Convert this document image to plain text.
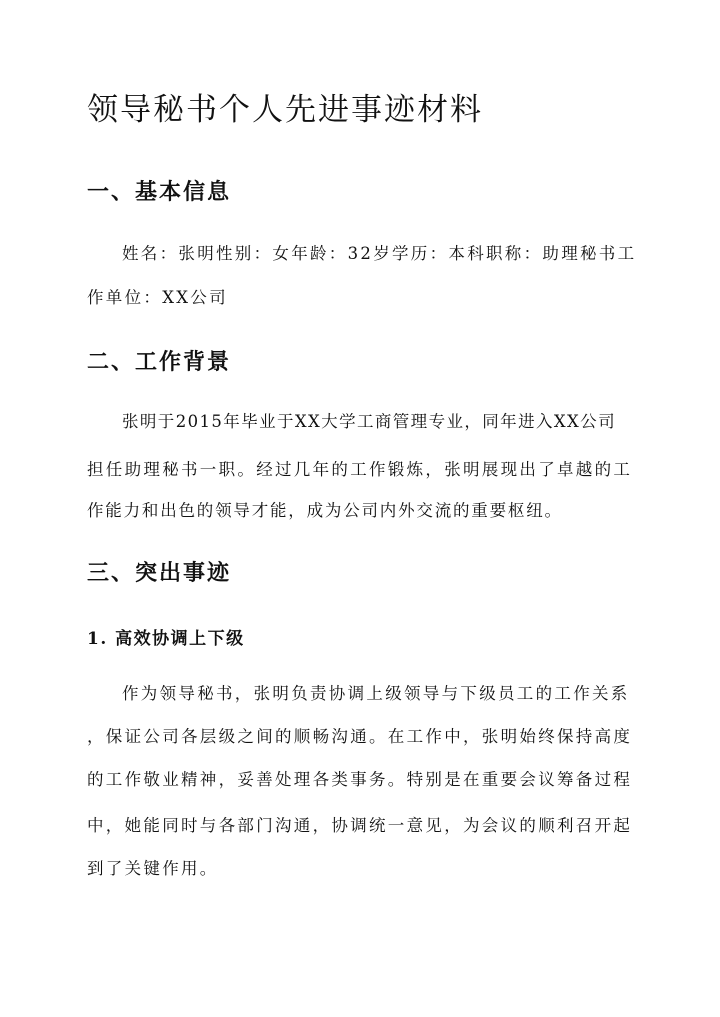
领导秘书个人先进事迹材料
一、基本信息

姓名：张明性别：女年龄：32岁学历：本科职称：助理秘书工

作单位：XX公司

二、工作背景

张明于2015年毕业于XX大学工商管理专业，同年进入XX公司

担任助理秘书一职。经过几年的工作锻炼，张明展现出了卓越的工

作能力和出色的领导才能，成为公司内外交流的重要枢纽。

三、突出事迹
1. 高效协调上下级

作为领导秘书，张明负责协调上级领导与下级员工的工作关系

，保证公司各层级之间的顺畅沟通。在工作中，张明始终保持高度

的工作敬业精神，妥善处理各类事务。特别是在重要会议筹备过程

中，她能同时与各部门沟通，协调统一意见，为会议的顺利召开起

到了关键作用。
